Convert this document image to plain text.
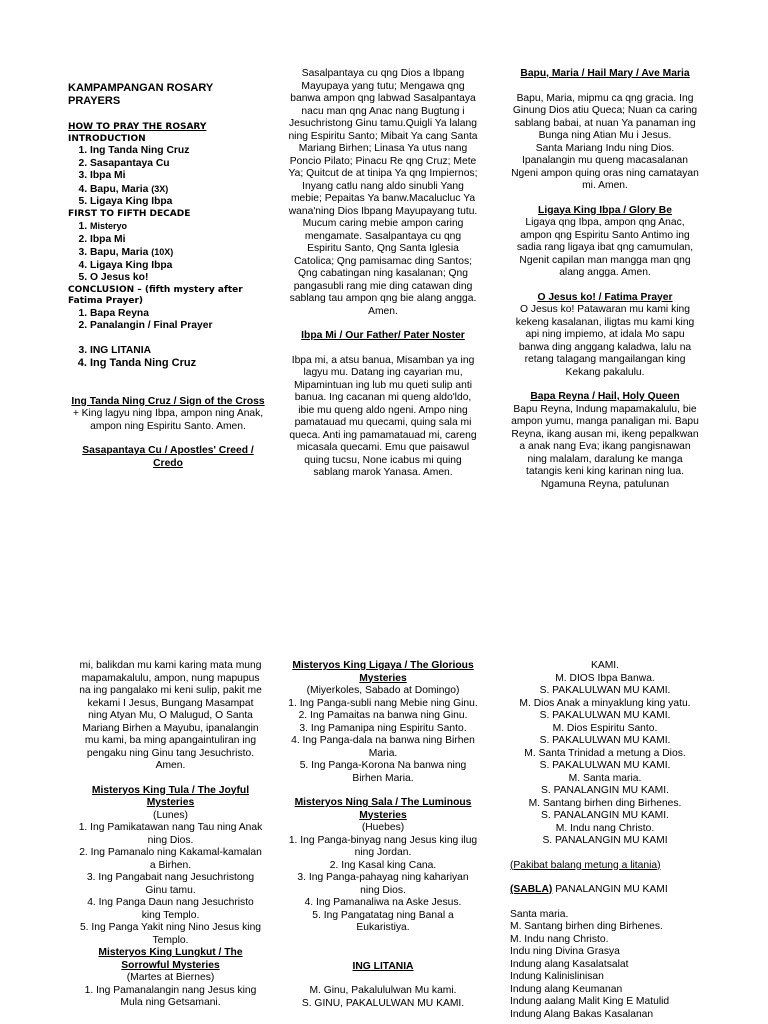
KAMPAMPANGAN ROSARY PRAYERS
HOW TO PRAY THE ROSARY
INTRODUCTION
1. Ing Tanda Ning Cruz
2. Sasapantaya Cu
3. Ibpa Mi
4. Bapu, Maria (3X)
5. Ligaya King Ibpa
FIRST TO FIFTH DECADE
1. Misteryo
2. Ibpa Mi
3. Bapu, Maria (10X)
4. Ligaya King Ibpa
5. O Jesus ko!
CONCLUSION – (fifth mystery after Fatima Prayer)
1. Bapa Reyna
2. Panalangin / Final Prayer
3. ING LITANIA
4. Ing Tanda Ning Cruz

Ing Tanda Ning Cruz / Sign of the Cross

+ King lagyu ning Ibpa, ampon ning Anak, ampon ning Espiritu Santo. Amen.

Sasapantaya Cu / Apostles' Creed / Credo

Sasalpantaya cu qng Dios a Ibpang Mayupaya yang tutu; Mengawa qng banwa ampon qng labwad Sasalpantaya nacu man qng Anac nang Bugtung i Jesuchristong Ginu tamu.Quigli Ya lalang ning Espiritu Santo; Mibait Ya cang Santa Mariang Birhen; Linasa Ya utus nang Poncio Pilato; Pinacu Re qng Cruz; Mete Ya; Quitcut de at tinipa Ya qng Impiernos; Inyang catlu nang aldo sinubli Yang mebie; Pepaitas Ya banw.Macalucluc Ya wana'ning Dios Ibpang Mayupayang tutu. Mucum caring mebie ampon caring mengamate. Sasalpantaya cu qng Espiritu Santo, Qng Santa Iglesia Catolica; Qng pamisamac ding Santos; Qng cabatingan ning kasalanan; Qng pangasubli rang mie ding catawan ding sablang tau ampon qng bie alang angga. Amen.

Ibpa Mi / Our Father/ Pater Noster

Ibpa mi, a atsu banua, Misamban ya ing lagyu mu. Datang ing cayarian mu, Mipamintuan ing lub mu queti sulip anti banua. Ing cacanan mi queng aldo'ldo, ibie mu queng aldo ngeni. Ampo ning pamatauad mu quecami, quing sala mi queca. Anti ing pamamatauad mi, careng micasala quecami. Emu que paisawul quing tucsu, None icabus mi quing sablang marok Yanasa. Amen.

Bapu, Maria / Hail Mary / Ave Maria

Bapu, Maria, mipmu ca qng gracia. Ing Ginung Dios atiu Queca; Nuan ca caring sablang babai, at nuan Ya panaman ing Bunga ning Atian Mu i Jesus.

Santa Mariang Indu ning Dios. Ipanalangin mu queng macasalanan Ngeni ampon quing oras ning camatayan mi. Amen.

Ligaya King Ibpa / Glory Be

Ligaya qng Ibpa, ampon qng Anac, ampon qng Espiritu Santo Antimo ing sadia rang ligaya ibat qng camumulan, Ngenit capilan man mangga man qng alang angga. Amen.

O Jesus ko! / Fatima Prayer

O Jesus ko! Patawaran mu kami king kekeng kasalanan, iligtas mu kami king api ning impiemo, at idala Mo sapu banwa ding anggang kaladwa, lalu na retang talagang mangailangan king Kekang pakalulu.

Bapa Reyna / Hail, Holy Queen

Bapu Reyna, Indung mapamakalulu, bie ampon yumu, manga panaligan mi. Bapu Reyna, ikang ausan mi, ikeng pepalkwan a anak nang Eva; ikang pangisnawan ning malalam, daralung ke manga tatangis keni king karinan ning lua. Ngamuna Reyna, patulunan

mi, balikdan mu kami karing mata mung mapamakalulu, ampon, nung mapupus na ing pangalako mi keni sulip, pakit me kekami I Jesus, Bungang Masampat ning Atyan Mu, O Malugud, O Santa Mariang Birhen a Mayubu, ipanalangin mu kami, ba ming apangaintuliran ing pengaku ning Ginu tang Jesuchristo. Amen.

Misteryos King Tula / The Joyful Mysteries

(Lunes)

1. Ing Pamikatawan nang Tau ning Anak ning Dios.

2. Ing Pamanalo ning Kakamal-kamalan a Birhen.

3. Ing Pangabait nang Jesuchristong Ginu tamu.

4. Ing Panga Daun nang Jesuchristo king Templo.

5. Ing Panga Yakit ning Nino Jesus king Templo.

Misteryos King Lungkut / The Sorrowful Mysteries

(Martes at Biernes)

1. Ing Pamanalangin nang Jesus king Mula ning Getsamani.

Misteryos King Ligaya / The Glorious Mysteries

(Miyerkoles, Sabado at Domingo)

1. Ing Panga-subli nang Mebie ning Ginu.

2. Ing Pamaitas na banwa ning Ginu.

3. Ing Pamanipa ning Espiritu Santo.

4. Ing Panga-dala na banwa ning Birhen Maria.

5. Ing Panga-Korona Na banwa ning Birhen Maria.

Misteryos Ning Sala / The Luminous Mysteries

(Huebes)

1. Ing Panga-binyag nang Jesus king ilug ning Jordan.

2. Ing Kasal king Cana.

3. Ing Panga-pahayag ning kahariyan ning Dios.

4. Ing Pamanaliwa na Aske Jesus.

5. Ing Pangatatag ning Banal a Eukaristiya.

ING LITANIA

M. Ginu, Pakalululwan Mu kami.

S. GINU, PAKALULWAN MU KAMI.

KAMI.

M. DIOS Ibpa Banwa.

S. PAKALULWAN MU KAMI.

M. Dios Anak a minyaklung king yatu.

S. PAKALULWAN MU KAMI.

M. Dios Espiritu Santo.

S. PAKALULWAN MU KAMI.

M. Santa Trinidad a metung a Dios.

S. PAKALULWAN MU KAMI.

M. Santa maria.

S. PANALANGIN MU KAMI.

M. Santang birhen ding Birhenes.

S. PANALANGIN MU KAMI.

M. Indu nang Christo.

S. PANALANGIN MU KAMI

(Pakibat balang metung a litania)

(SABLA) PANALANGIN MU KAMI

Santa maria.

M. Santang birhen ding Birhenes.

M. Indu nang Christo.

Indu ning Divina Grasya

Indung alang Kasalatsalat

Indung Kalinislinisan

Indung alang Keumanan

Indung aalang Malit King E Matulid

Indung Alang Bakas Kasalanan
